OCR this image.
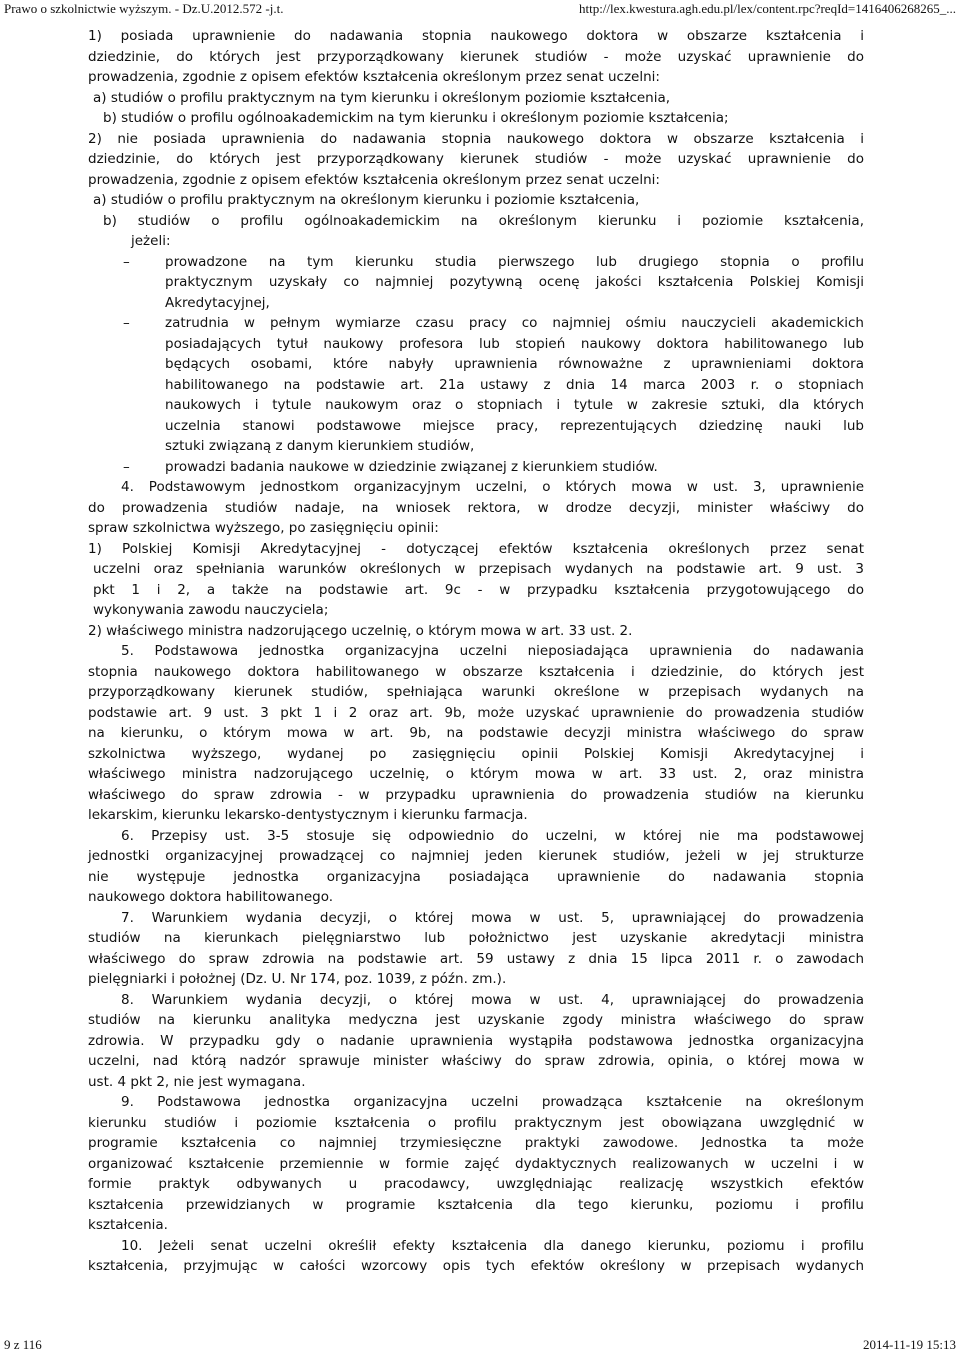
Prawo o szkolnictwie wyższym. - Dz.U.2012.572 -j.t.	http://lex.kwestura.agh.edu.pl/lex/content.rpc?reqId=1416406268265_...
1) posiada uprawnienie do nadawania stopnia naukowego doktora w obszarze kształcenia i
dziedzinie, do których jest przyporządkowany kierunek studiów - może uzyskać uprawnienie do
prowadzenia, zgodnie z opisem efektów kształcenia określonym przez senat uczelni:
a) studiów o profilu praktycznym na tym kierunku i określonym poziomie kształcenia,
b) studiów o profilu ogólnoakademickim na tym kierunku i określonym poziomie kształcenia;
2) nie posiada uprawnienia do nadawania stopnia naukowego doktora w obszarze kształcenia i
dziedzinie, do których jest przyporządkowany kierunek studiów - może uzyskać uprawnienie do
prowadzenia, zgodnie z opisem efektów kształcenia określonym przez senat uczelni:
a) studiów o profilu praktycznym na określonym kierunku i poziomie kształcenia,
b) studiów o profilu ogólnoakademickim na określonym kierunku i poziomie kształcenia,
jeżeli:
–	prowadzone na tym kierunku studia pierwszego lub drugiego stopnia o profilu
praktycznym uzyskały co najmniej pozytywną ocenę jakości kształcenia Polskiej Komisji
Akredytacyjnej,
–	zatrudnia w pełnym wymiarze czasu pracy co najmniej ośmiu nauczycieli akademickich
posiadających tytuł naukowy profesora lub stopień naukowy doktora habilitowanego lub
będących osobami, które nabyły uprawnienia równoważne z uprawnieniami doktora
habilitowanego na podstawie art. 21a ustawy z dnia 14 marca 2003 r. o stopniach
naukowych i tytule naukowym oraz o stopniach i tytule w zakresie sztuki, dla których
uczelnia stanowi podstawowe miejsce pracy, reprezentujących dziedzinę nauki lub
sztuki związaną z danym kierunkiem studiów,
–	prowadzi badania naukowe w dziedzinie związanej z kierunkiem studiów.
4. Podstawowym jednostkom organizacyjnym uczelni, o których mowa w ust. 3, uprawnienie
do prowadzenia studiów nadaje, na wniosek rektora, w drodze decyzji, minister właściwy do
spraw szkolnictwa wyższego, po zasięgnięciu opinii:
1) Polskiej Komisji Akredytacyjnej - dotyczącej efektów kształcenia określonych przez senat
uczelni oraz spełniania warunków określonych w przepisach wydanych na podstawie art. 9 ust. 3
pkt 1 i 2, a także na podstawie art. 9c - w przypadku kształcenia przygotowującego do
wykonywania zawodu nauczyciela;
2) właściwego ministra nadzorującego uczelnię, o którym mowa w art. 33 ust. 2.
5. Podstawowa jednostka organizacyjna uczelni nieposiadająca uprawnienia do nadawania
stopnia naukowego doktora habilitowanego w obszarze kształcenia i dziedzinie, do których jest
przyporządkowany kierunek studiów, spełniająca warunki określone w przepisach wydanych na
podstawie art. 9 ust. 3 pkt 1 i 2 oraz art. 9b, może uzyskać uprawnienie do prowadzenia studiów
na kierunku, o którym mowa w art. 9b, na podstawie decyzji ministra właściwego do spraw
szkolnictwa wyższego, wydanej po zasięgnięciu opinii Polskiej Komisji Akredytacyjnej i
właściwego ministra nadzorującego uczelnię, o którym mowa w art. 33 ust. 2, oraz ministra
właściwego do spraw zdrowia - w przypadku uprawnienia do prowadzenia studiów na kierunku
lekarskim, kierunku lekarsko-dentystycznym i kierunku farmacja.
6. Przepisy ust. 3-5 stosuje się odpowiednio do uczelni, w której nie ma podstawowej
jednostki organizacyjnej prowadzącej co najmniej jeden kierunek studiów, jeżeli w jej strukturze
nie występuje jednostka organizacyjna posiadająca uprawnienie do nadawania stopnia
naukowego doktora habilitowanego.
7. Warunkiem wydania decyzji, o której mowa w ust. 5, uprawniającej do prowadzenia
studiów na kierunkach pielęgniarstwo lub położnictwo jest uzyskanie akredytacji ministra
właściwego do spraw zdrowia na podstawie art. 59 ustawy z dnia 15 lipca 2011 r. o zawodach
pielęgniarki i położnej (Dz. U. Nr 174, poz. 1039, z późn. zm.).
8. Warunkiem wydania decyzji, o której mowa w ust. 4, uprawniającej do prowadzenia
studiów na kierunku analityka medyczna jest uzyskanie zgody ministra właściwego do spraw
zdrowia. W przypadku gdy o nadanie uprawnienia wystąpiła podstawowa jednostka organizacyjna
uczelni, nad którą nadzór sprawuje minister właściwy do spraw zdrowia, opinia, o której mowa w
ust. 4 pkt 2, nie jest wymagana.
9. Podstawowa jednostka organizacyjna uczelni prowadząca kształcenie na określonym
kierunku studiów i poziomie kształcenia o profilu praktycznym jest obowiązana uwzględnić w
programie kształcenia co najmniej trzymiesięczne praktyki zawodowe. Jednostka ta może
organizować kształcenie przemiennie w formie zajęć dydaktycznych realizowanych w uczelni i w
formie praktyk odbywanych u pracodawcy, uwzględniając realizację wszystkich efektów
kształcenia przewidzianych w programie kształcenia dla tego kierunku, poziomu i profilu
kształcenia.
10. Jeżeli senat uczelni określił efekty kształcenia dla danego kierunku, poziomu i profilu
kształcenia, przyjmując w całości wzorcowy opis tych efektów określony w przepisach wydanych
9 z 116	2014-11-19 15:13
